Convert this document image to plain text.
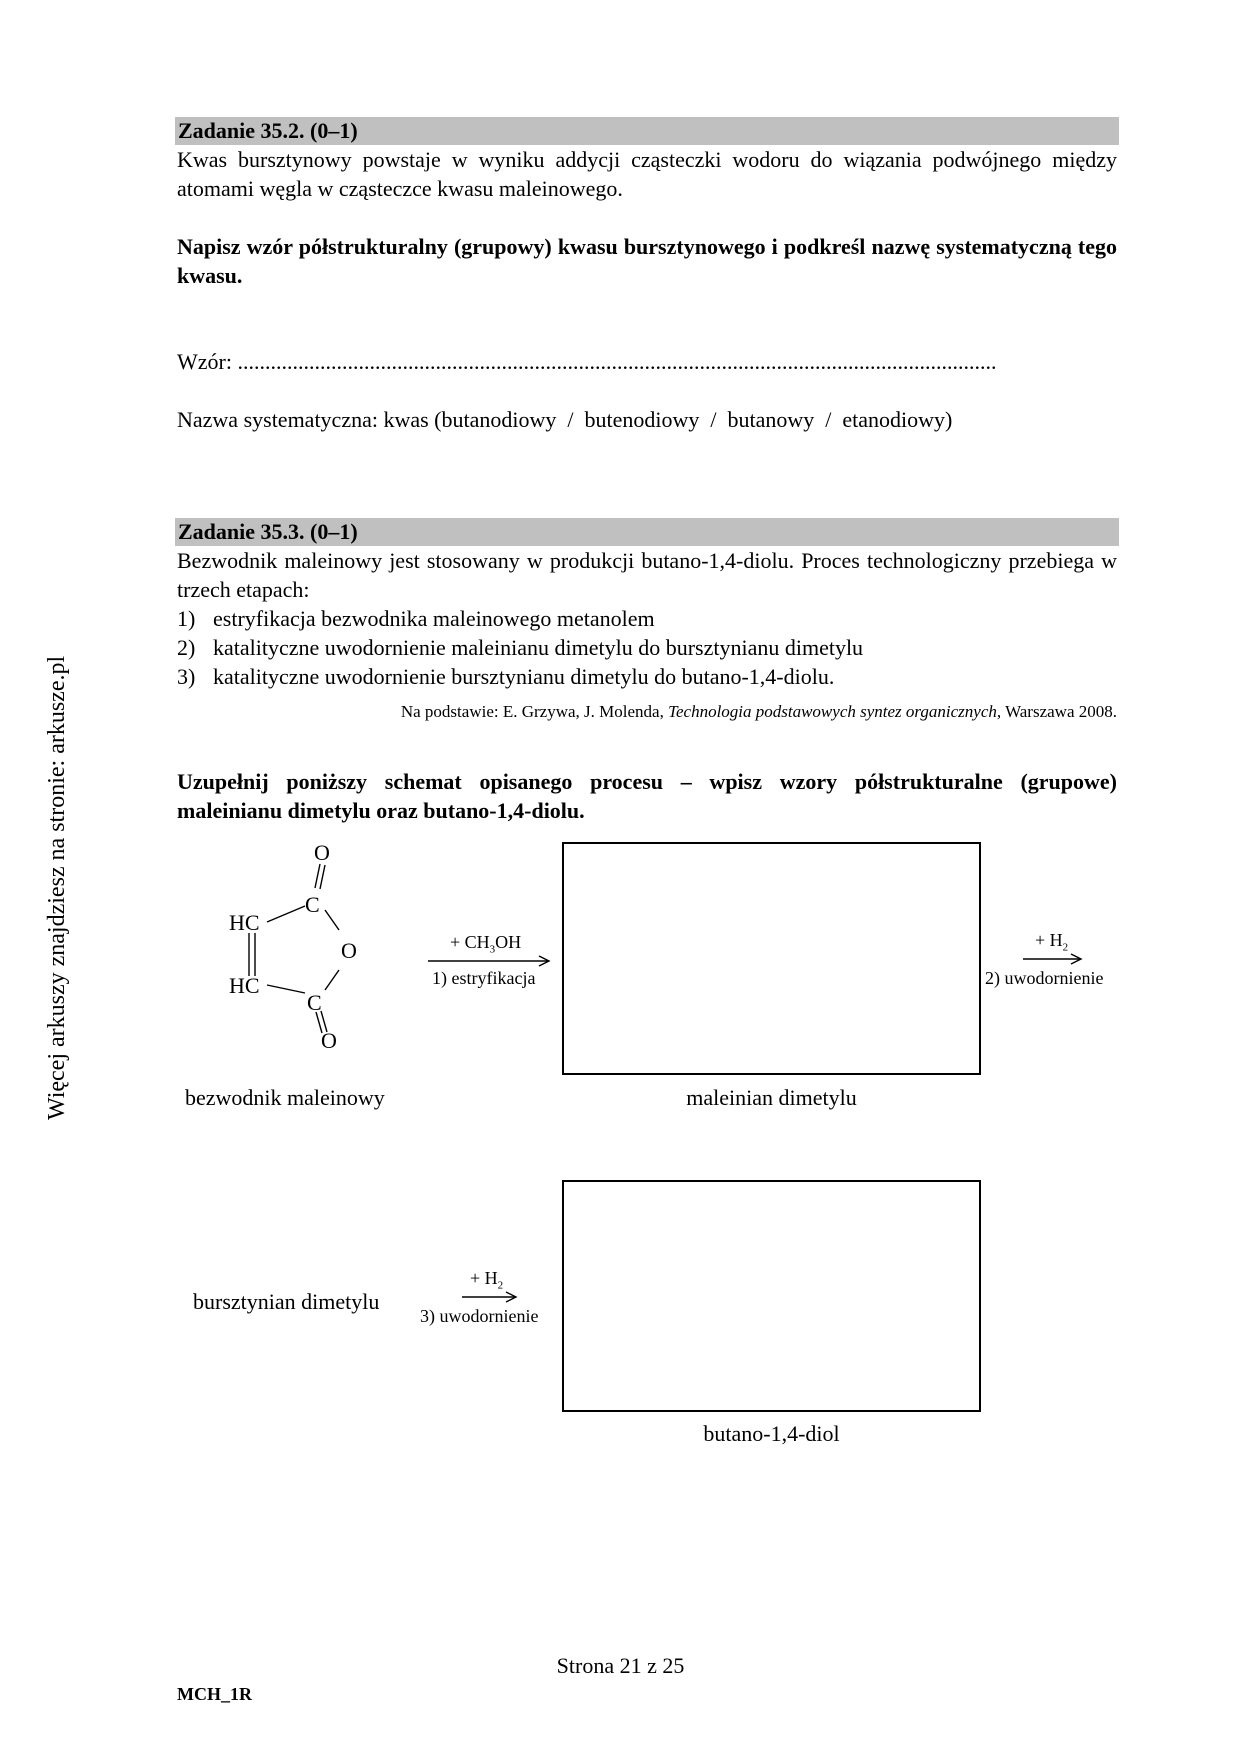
Więcej arkuszy znajdziesz na stronie: arkusze.pl
Zadanie 35.2. (0–1)
Kwas bursztynowy powstaje w wyniku addycji cząsteczki wodoru do wiązania podwójnego między atomami węgla w cząsteczce kwasu maleinowego.
Napisz wzór półstrukturalny (grupowy) kwasu bursztynowego i podkreśl nazwę systematyczną tego kwasu.
Wzór: ..........................................................................................................................................
Nazwa systematyczna: kwas (butanodiowy  /  butenodiowy  /  butanowy  /  etanodiowy)
Zadanie 35.3. (0–1)
Bezwodnik maleinowy jest stosowany w produkcji butano-1,4-diolu. Proces technologiczny przebiega w trzech etapach:
1) estryfikacja bezwodnika maleinowego metanolem
2) katalityczne uwodornienie maleinianu dimetylu do bursztynianu dimetylu
3) katalityczne uwodornienie bursztynianu dimetylu do butano-1,4-diolu.
Na podstawie: E. Grzywa, J. Molenda, Technologia podstawowych syntez organicznych, Warszawa 2008.
Uzupełnij poniższy schemat opisanego procesu – wpisz wzory półstrukturalne (grupowe) maleinianu dimetylu oraz butano-1,4-diolu.
O
C
HC
O
HC
C
O
bezwodnik maleinowy
+ $CH_3OH$
1) estryfikacja
maleinian dimetylu
+ $H_2$
2) uwodornienie
bursztynian dimetylu
+ $H_2$
3) uwodornienie
butano-1,4-diol
Strona 21 z 25
MCH_1R
